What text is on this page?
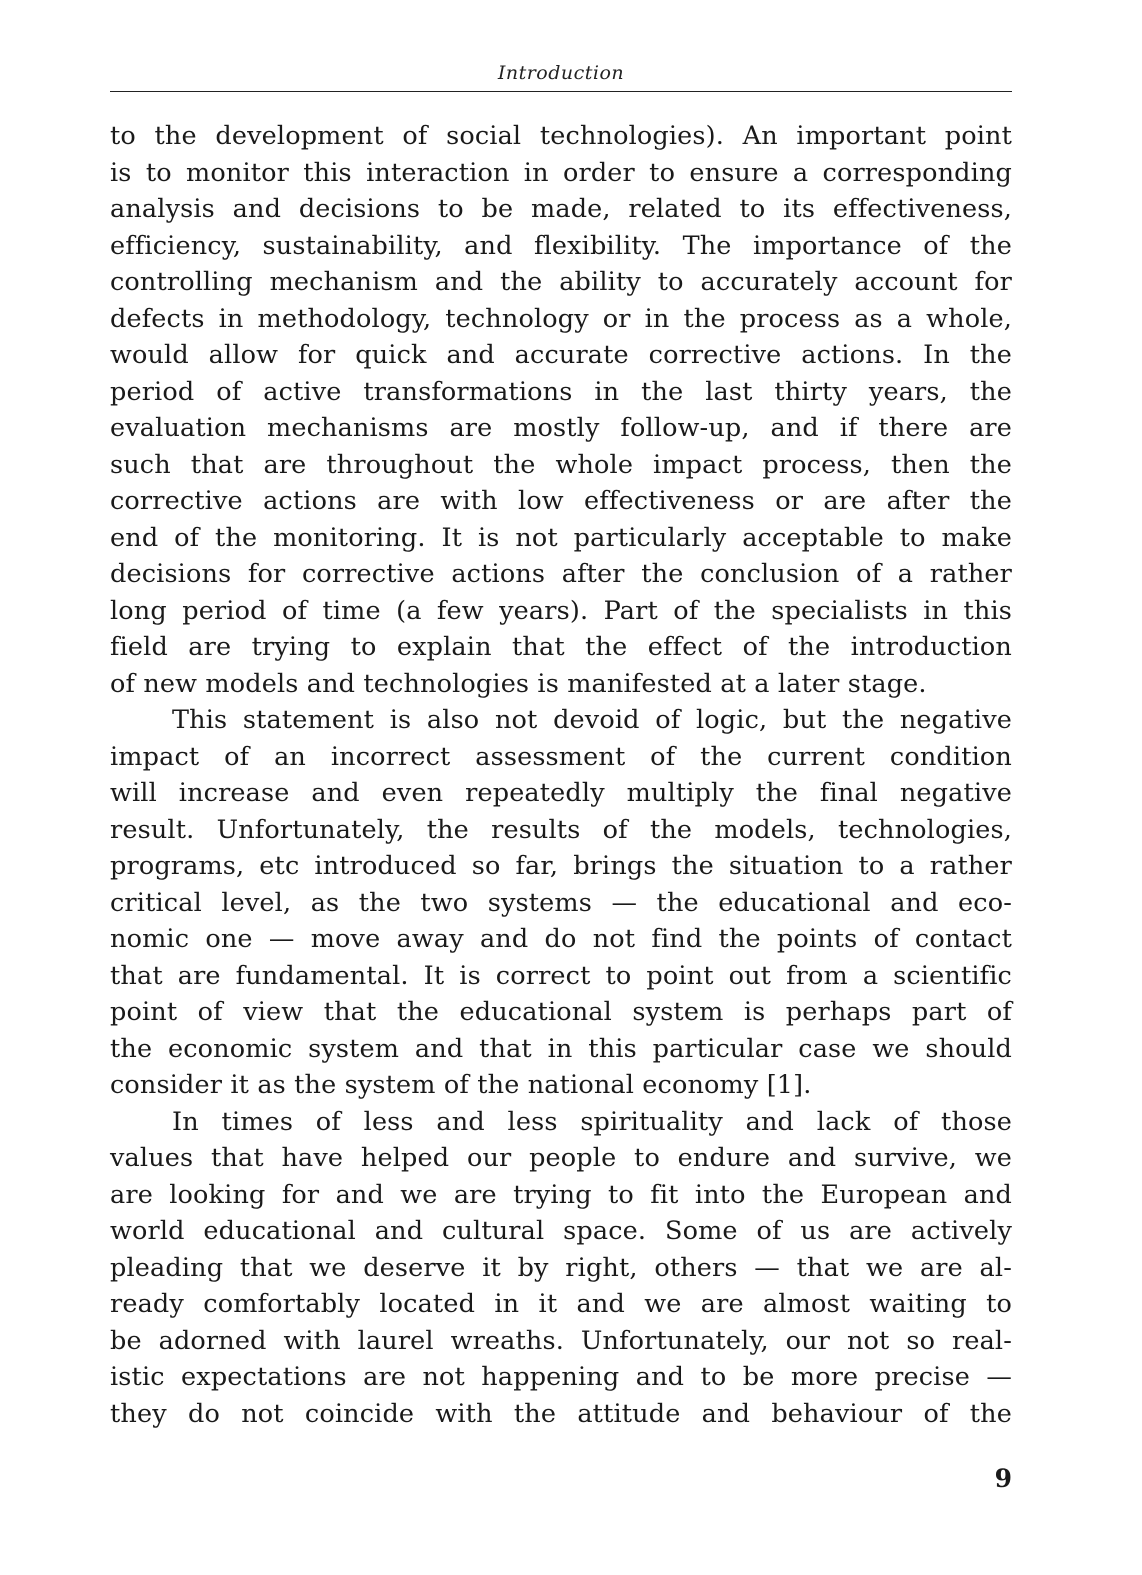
Introduction
to the development of social technologies). An important point
is to monitor this interaction in order to ensure a corresponding
analysis and decisions to be made, related to its effectiveness,
efficiency, sustainability, and flexibility. The importance of the
controlling mechanism and the ability to accurately account for
defects in methodology, technology or in the process as a whole,
would allow for quick and accurate corrective actions. In the
period of active transformations in the last thirty years, the
evaluation mechanisms are mostly follow-up, and if there are
such that are throughout the whole impact process, then the
corrective actions are with low effectiveness or are after the
end of the monitoring. It is not particularly acceptable to make
decisions for corrective actions after the conclusion of a rather
long period of time (a few years). Part of the specialists in this
field are trying to explain that the effect of the introduction
of new models and technologies is manifested at a later stage.
This statement is also not devoid of logic, but the negative
impact of an incorrect assessment of the current condition
will increase and even repeatedly multiply the final negative
result. Unfortunately, the results of the models, technologies,
programs, etc introduced so far, brings the situation to a rather
critical level, as the two systems — the educational and eco-
nomic one — move away and do not find the points of contact
that are fundamental. It is correct to point out from a scientific
point of view that the educational system is perhaps part of
the economic system and that in this particular case we should
consider it as the system of the national economy [1].
In times of less and less spirituality and lack of those
values that have helped our people to endure and survive, we
are looking for and we are trying to fit into the European and
world educational and cultural space. Some of us are actively
pleading that we deserve it by right, others — that we are al-
ready comfortably located in it and we are almost waiting to
be adorned with laurel wreaths. Unfortunately, our not so real-
istic expectations are not happening and to be more precise —
they do not coincide with the attitude and behaviour of the
9
